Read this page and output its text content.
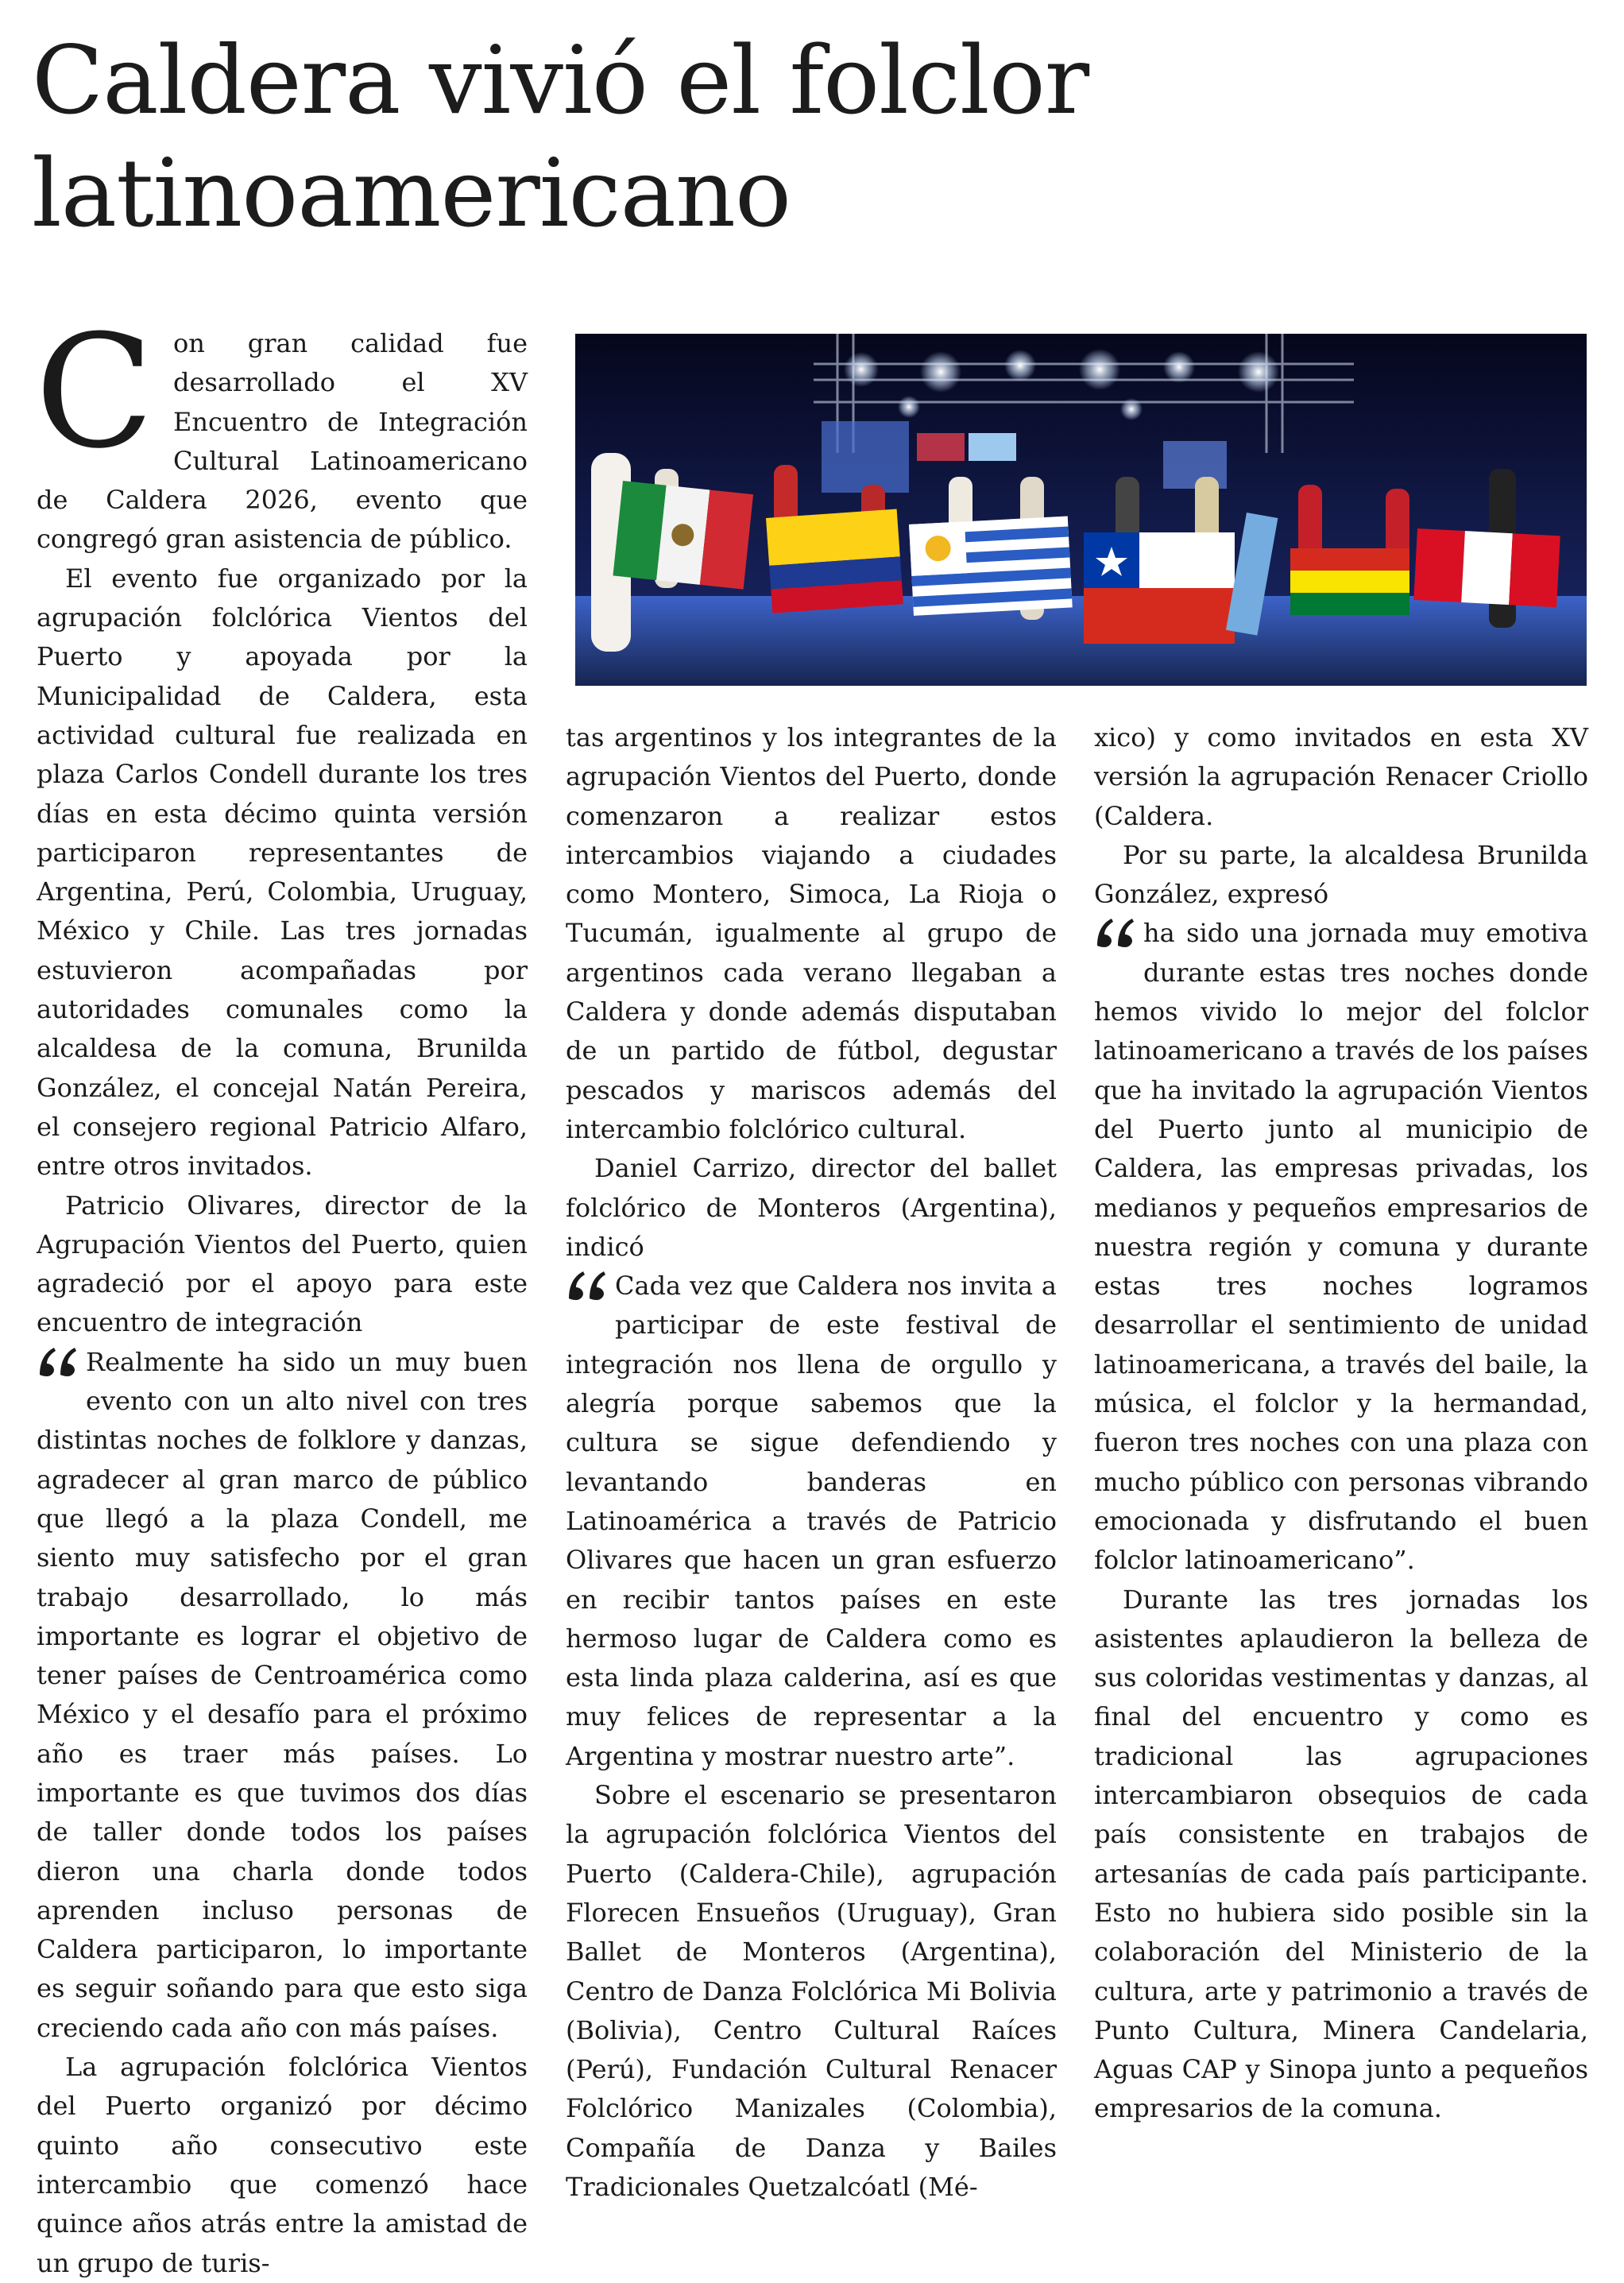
Caldera vivió el folclor latinoamericano

Con gran calidad fue desarrollado el XV Encuentro de Integración Cultural Latinoamericano de Caldera 2026, evento que congregó gran asistencia de público.

El evento fue organizado por la agrupación folclórica Vientos del Puerto y apoyada por la Municipalidad de Caldera, esta actividad cultural fue realizada en plaza Carlos Condell durante los tres días en esta décimo quinta versión participaron representantes de Argentina, Perú, Colombia, Uruguay, México y Chile. Las tres jornadas estuvieron acompañadas por autoridades comunales como la alcaldesa de la comuna, Brunilda González, el concejal Natán Pereira, el consejero regional Patricio Alfaro, entre otros invitados.

Patricio Olivares, director de la Agrupación Vientos del Puerto, quien agradeció por el apoyo para este encuentro de integración

Realmente ha sido un muy buen evento con un alto nivel con tres distintas noches de folklore y danzas, agradecer al gran marco de público que llegó a la plaza Condell, me siento muy satisfecho por el gran trabajo desarrollado, lo más importante es lograr el objetivo de tener países de Centroamérica como México y el desafío para el próximo año es traer más países. Lo importante es que tuvimos dos días de taller donde todos los países dieron una charla donde todos aprenden incluso personas de Caldera participaron, lo importante es seguir soñando para que esto siga creciendo cada año con más países.

La agrupación folclórica Vientos del Puerto organizó por décimo quinto año consecutivo este intercambio que comenzó hace quince años atrás entre la amistad de un grupo de turis-

tas argentinos y los integrantes de la agrupación Vientos del Puerto, donde comenzaron a realizar estos intercambios viajando a ciudades como Montero, Simoca, La Rioja o Tucumán, igualmente al grupo de argentinos cada verano llegaban a Caldera y donde además disputaban de un partido de fútbol, degustar pescados y mariscos además del intercambio folclórico cultural.

Daniel Carrizo, director del ballet folclórico de Monteros (Argentina), indicó

Cada vez que Caldera nos invita a participar de este festival de integración nos llena de orgullo y alegría porque sabemos que la cultura se sigue defendiendo y levantando banderas en Latinoamérica a través de Patricio Olivares que hacen un gran esfuerzo en recibir tantos países en este hermoso lugar de Caldera como es esta linda plaza calderina, así es que muy felices de representar a la Argentina y mostrar nuestro arte”.

Sobre el escenario se presentaron la agrupación folclórica Vientos del Puerto (Caldera-Chile), agrupación Florecen Ensueños (Uruguay), Gran Ballet de Monteros (Argentina), Centro de Danza Folclórica Mi Bolivia (Bolivia), Centro Cultural Raíces (Perú), Fundación Cultural Renacer Folclórico Manizales (Colombia), Compañía de Danza y Bailes Tradicionales Quetzalcóatl (Mé-

xico) y como invitados en esta XV versión la agrupación Renacer Criollo (Caldera.

Por su parte, la alcaldesa Brunilda González, expresó

ha sido una jornada muy emotiva durante estas tres noches donde hemos vivido lo mejor del folclor latinoamericano a través de los países que ha invitado la agrupación Vientos del Puerto junto al municipio de Caldera, las empresas privadas, los medianos y pequeños empresarios de nuestra región y comuna y durante estas tres noches logramos desarrollar el sentimiento de unidad latinoamericana, a través del baile, la música, el folclor y la hermandad, fueron tres noches con una plaza con mucho público con personas vibrando emocionada y disfrutando el buen folclor latinoamericano”.

Durante las tres jornadas los asistentes aplaudieron la belleza de sus coloridas vestimentas y danzas, al final del encuentro y como es tradicional las agrupaciones intercambiaron obsequios de cada país consistente en trabajos de artesanías de cada país participante. Esto no hubiera sido posible sin la colaboración del Ministerio de la cultura, arte y patrimonio a través de Punto Cultura, Minera Candelaria, Aguas CAP y Sinopa junto a pequeños empresarios de la comuna.
